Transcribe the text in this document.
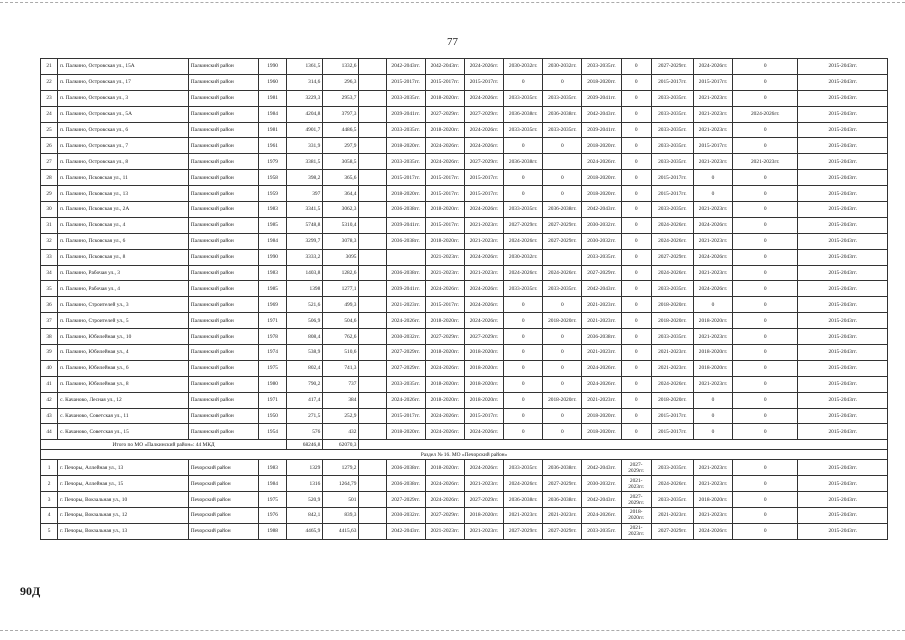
77
21	п. Палкино, Островская ул., 15А	Палкинский район	1990	1361,5	1332,6		2042-2043гг.	2042-2043гг.	2024-2026гг.	2030-2032гг.	2030-2032гг.	2033-2035гг.	0	2027-2029гг.	2024-2026гг.	0	2015-2043гг.
22	п. Палкино, Островская ул., 17	Палкинский район	1960	314,6	296,3		2015-2017гг.	2015-2017гг.	2015-2017гг.	0	0	2018-2020гг.	0	2015-2017гг.	2015-2017гг.	0	2015-2043гг.
23	п. Палкино, Островская ул., 3	Палкинский район	1981	3229,3	2953,7		2033-2035гг.	2018-2020гг.	2024-2026гг.	2033-2035гг.	2033-2035гг.	2039-2041гг.	0	2033-2035гг.	2021-2023гг.	0	2015-2043гг.
24	п. Палкино, Островская ул., 5А	Палкинский район	1984	4204,8	3797,3		2039-2041гг.	2027-2029гг.	2027-2029гг.	2036-2038гг.	2036-2038гг.	2042-2043гг.	0	2033-2035гг.	2021-2023гг.	2024-2026гг.	2015-2043гг.
25	п. Палкино, Островская ул., 6	Палкинский район	1981	4901,7	4486,5		2033-2035гг.	2018-2020гг.	2024-2026гг.	2033-2035гг.	2033-2035гг.	2039-2041гг.	0	2033-2035гг.	2021-2023гг.	0	2015-2043гг.
26	п. Палкино, Островская ул., 7	Палкинский район	1961	331,9	297,9		2018-2020гг.	2024-2026гг.	2024-2026гг.	0	0	2018-2020гг.	0	2033-2035гг.	2015-2017гг.	0	2015-2043гг.
27	п. Палкино, Островская ул., 8	Палкинский район	1979	3381,5	3058,5		2033-2035гг.	2024-2026гг.	2027-2029гг.	2036-2038гг.		2024-2026гг.	0	2033-2035гг.	2021-2023гг.	2021-2023гг.	2015-2043гг.
28	п. Палкино, Псковская ул., 11	Палкинский район	1958	398,2	365,6		2015-2017гг.	2015-2017гг.	2015-2017гг.	0	0	2018-2020гг.	0	2015-2017гг.	0	0	2015-2043гг.
29	п. Палкино, Псковская ул., 13	Палкинский район	1959	397	364,4		2018-2020гг.	2015-2017гг.	2015-2017гг.	0	0	2018-2020гг.	0	2015-2017гг.	0	0	2015-2043гг.
30	п. Палкино, Псковская ул., 2А	Палкинский район	1983	3341,5	3062,3		2036-2038гг.	2018-2020гг.	2024-2026гг.	2033-2035гг.	2036-2038гг.	2042-2043гг.	0	2033-2035гг.	2021-2023гг.	0	2015-2043гг.
31	п. Палкино, Псковская ул., 4	Палкинский район	1985	5748,8	5310,4		2039-2041гг.	2015-2017гг.	2021-2023гг.	2027-2029гг.	2027-2029гг.	2030-2032гг.	0	2024-2026гг.	2024-2026гг.	0	2015-2043гг.
32	п. Палкино, Псковская ул., 6	Палкинский район	1984	3299,7	3078,3		2036-2038гг.	2018-2020гг.	2021-2023гг.	2024-2026гг.	2027-2029гг.	2030-2032гг.	0	2024-2026гг.	2021-2023гг.	0	2015-2043гг.
33	п. Палкино, Псковская ул., 8	Палкинский район	1990	3333,2	3095			2021-2023гг.	2024-2026гг.	2030-2032гг.		2033-2035гг.	0	2027-2029гг.	2024-2026гг.	0	2015-2043гг.
34	п. Палкино, Рабочая ул., 3	Палкинский район	1983	1403,8	1282,6		2036-2038гг.	2021-2023гг.	2021-2023гг.	2024-2026гг.	2024-2026гг.	2027-2029гг.	0	2024-2026гг.	2021-2023гг.	0	2015-2043гг.
35	п. Палкино, Рабочая ул., 4	Палкинский район	1985	1398	1277,1		2039-2041гг.	2024-2026гг.	2024-2026гг.	2033-2035гг.	2033-2035гг.	2042-2043гг.	0	2033-2035гг.	2024-2026гг.	0	2015-2043гг.
36	п. Палкино, Строителей ул., 3	Палкинский район	1969	521,6	499,3		2021-2023гг.	2015-2017гг.	2024-2026гг.	0	0	2021-2023гг.	0	2018-2020гг.	0	0	2015-2043гг.
37	п. Палкино, Строителей ул., 5	Палкинский район	1971	506,9	504,6		2024-2026гг.	2018-2020гг.	2024-2026гг.	0	2018-2020гг.	2021-2023гг.	0	2018-2020гг.	2018-2020гг.	0	2015-2043гг.
38	п. Палкино, Юбилейная ул., 10	Палкинский район	1978	808,4	762,6		2030-2032гг.	2027-2029гг.	2027-2029гг.	0	0	2036-2038гг.	0	2033-2035гг.	2021-2023гг.	0	2015-2043гг.
39	п. Палкино, Юбилейная ул., 4	Палкинский район	1974	538,9	510,6		2027-2029гг.	2018-2020гг.	2018-2020гг.	0	0	2021-2023гг.	0	2021-2023гг.	2018-2020гг.	0	2015-2043гг.
40	п. Палкино, Юбилейная ул., 6	Палкинский район	1975	802,4	741,3		2027-2029гг.	2024-2026гг.	2018-2020гг.	0	0	2024-2026гг.	0	2021-2023гг.	2018-2020гг.	0	2015-2043гг.
41	п. Палкино, Юбилейная ул., 8	Палкинский район	1980	790,2	737		2033-2035гг.	2018-2020гг.	2018-2020гг.	0	0	2024-2026гг.	0	2024-2026гг.	2021-2023гг.	0	2015-2043гг.
42	с. Качаново, Лесная ул., 12	Палкинский район	1971	417,4	384		2024-2026гг.	2018-2020гг.	2018-2020гг.	0	2018-2020гг.	2021-2023гг.	0	2018-2020гг.	0	0	2015-2043гг.
43	с. Качаново, Советская ул., 11	Палкинский район	1950	271,5	252,9		2015-2017гг.	2024-2026гг.	2015-2017гг.	0	0	2018-2020гг.	0	2015-2017гг.	0	0	2015-2043гг.
44	с. Качаново, Советская ул., 15	Палкинский район	1954	576	432		2018-2020гг.	2024-2026гг.	2024-2026гг.	0	0	2018-2020гг.	0	2015-2017гг.	0	0	2015-2043гг.
Итого по МО «Палкинский район»: 44 МКД				68246,8	62070,3												
Раздел № 16. МО «Печорский район»																	
1	г. Печоры, Аллейная ул., 13	Печорский район	1983	1329	1279,2		2036-2038гг.	2018-2020гг.	2024-2026гг.	2033-2035гг.	2036-2038гг.	2042-2043гг.	2027-2029гг.	2033-2035гг.	2021-2023гг.	0	2015-2043гг.
2	г. Печоры, Аллейная ул., 15	Печорский район	1984	1316	1264,79		2036-2038гг.	2024-2026гг.	2021-2023гг.	2024-2026гг.	2027-2029гг.	2030-2032гг.	2021-2023гг.	2024-2026гг.	2021-2023гг.	0	2015-2043гг.
3	г. Печоры, Вокзальная ул., 10	Печорский район	1975	520,9	501		2027-2029гг.	2024-2026гг.	2027-2029гг.	2036-2038гг.	2036-2038гг.	2042-2043гг.	2027-2029гг.	2033-2035гг.	2018-2020гг.	0	2015-2043гг.
4	г. Печоры, Вокзальная ул., 12	Печорский район	1976	842,1	839,3		2030-2032гг.	2027-2029гг.	2018-2020гг.	2021-2023гг.	2021-2023гг.	2024-2026гг.	2018-2020гг.	2021-2023гг.	2021-2023гг.	0	2015-2043гг.
5	г. Печоры, Вокзальная ул., 13	Печорский район	1988	4465,9	4415,63		2042-2043гг.	2021-2023гг.	2021-2023гг.	2027-2029гг.	2027-2029гг.	2033-2035гг.	2021-2023гг.	2027-2029гг.	2024-2026гг.	0	2015-2043гг.
90Д
